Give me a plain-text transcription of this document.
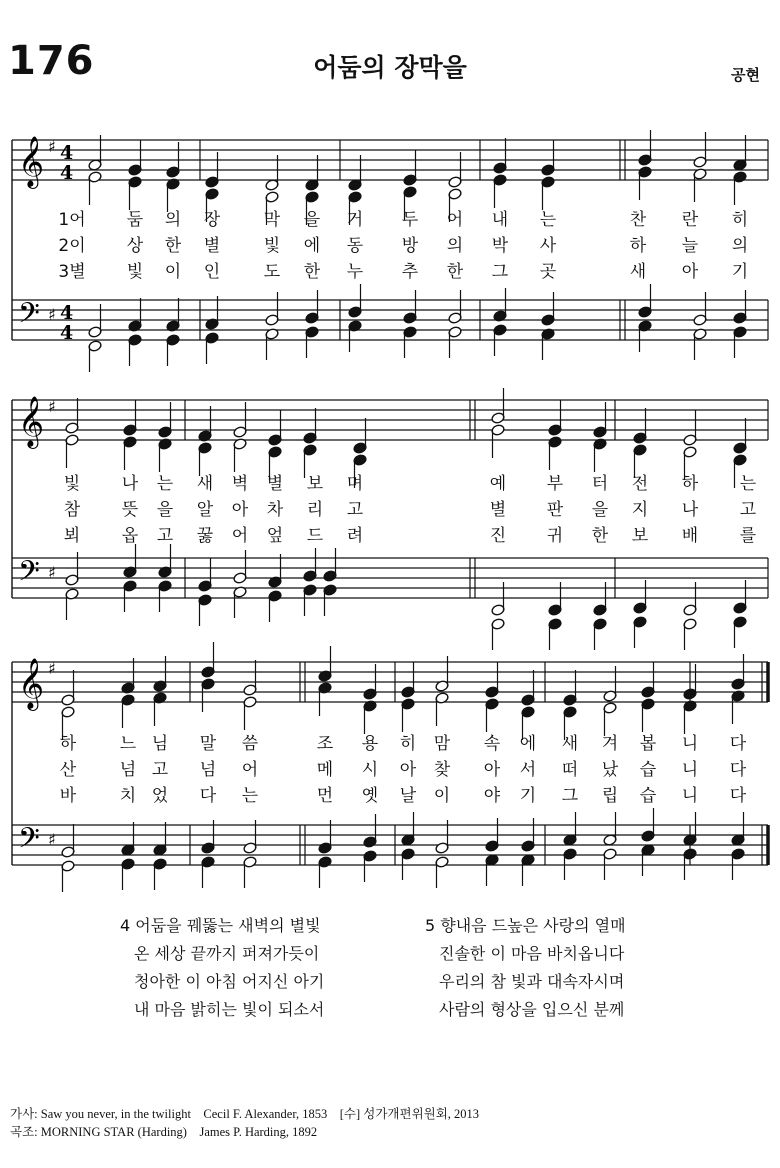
176	어둠의 장막을	공현
𝄞 ♯ 4
4
𝄢 ♯ 4
4
𝄞 ♯
𝄢 ♯
𝄞 ♯
𝄢 ♯
1어 둠 의 장	막 을 거 두 어 내 는	찬 란 히
2이 상 한 별	빛 에 동 방 의 박 사	하 늘 의
3별 빛 이 인	도 한 누 추 한 그 곳	새 아 기
빛 나 는 새 벽 별 보 며	예 부 터 전 하 는
참 뜻 을 알 아 차 리 고	별 판 을 지 나 고
뵈 옵 고 꿇 어 엎 드 려	진 귀 한 보 배 를
하	느 님 말 씀	조 용 히 맘 속 에 새 겨 봅 니 다
산	넘 고 넘 어	메 시 아 찾 아 서 떠 났 습 니 다
바	치 었 다 는	먼 옛 날 이 야 기 그 립 습 니 다
4 어둠을 꿰뚫는 새벽의 별빛
온 세상 끝까지 퍼져가듯이
청아한 이 아침 어지신 아기
내 마음 밝히는 빛이 되소서
5 향내음 드높은 사랑의 열매
진솔한 이 마음 바치옵니다
우리의 참 빛과 대속자시며
사람의 형상을 입으신 분께
가사: Saw you never, in the twilight    Cecil F. Alexander, 1853    [수] 성가개편위원회, 2013
곡조: MORNING STAR (Harding)    James P. Harding, 1892
